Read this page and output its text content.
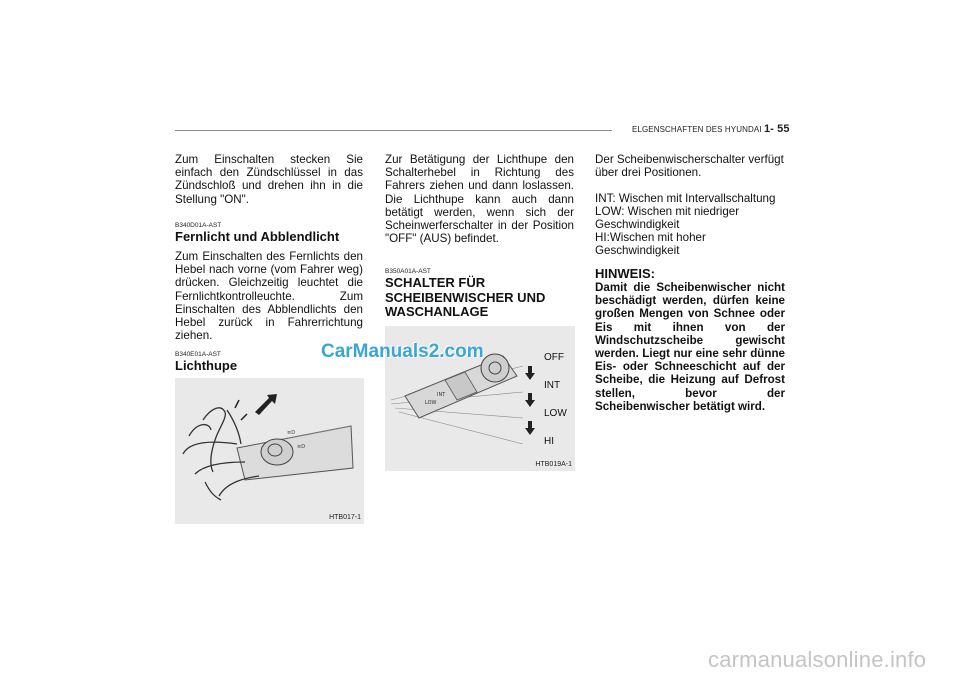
ELGENSCHAFTEN DES HYUNDAI 1- 55
Zum Einschalten stecken Sie einfach den Zündschlüssel in das Zündschloß und drehen ihn in die Stellung "ON".
B340D01A-AST
Fernlicht und Abblendlicht
Zum Einschalten des Fernlichts den Hebel nach vorne (vom Fahrer weg) drücken. Gleichzeitig leuchtet die Fernlichtkontrolleuchte. Zum Einschalten des Abblendlichts den Hebel zurück in Fahrerrichtung ziehen.
B340E01A-AST
Lichthupe
≡D
≡D
HTB017-1
Zur Betätigung der Lichthupe den Schalterhebel in Richtung des Fahrers ziehen und dann loslassen. Die Lichthupe kann auch dann betätigt werden, wenn sich der Scheinwerferschalter in der Position "OFF" (AUS) befindet.
B350A01A-AST
SCHALTER FÜR SCHEIBENWISCHER UND WASCHANLAGE
LOW
INT
OFF
INT
LOW
HI
HTB019A-1
Der Scheibenwischerschalter verfügt über drei Positionen.
INT: Wischen mit Intervallschaltung
LOW: Wischen mit niedriger Geschwindigkeit
HI:Wischen mit hoher Geschwindigkeit
HINWEIS:
Damit die Scheibenwischer nicht beschädigt werden, dürfen keine großen Mengen von Schnee oder Eis mit ihnen von der Windschutzscheibe gewischt werden. Liegt nur eine sehr dünne Eis- oder Schneeschicht auf der Scheibe, die Heizung auf Defrost stellen, bevor der Scheibenwischer betätigt wird.
CarManuals2.com
carmanualsonline.info
